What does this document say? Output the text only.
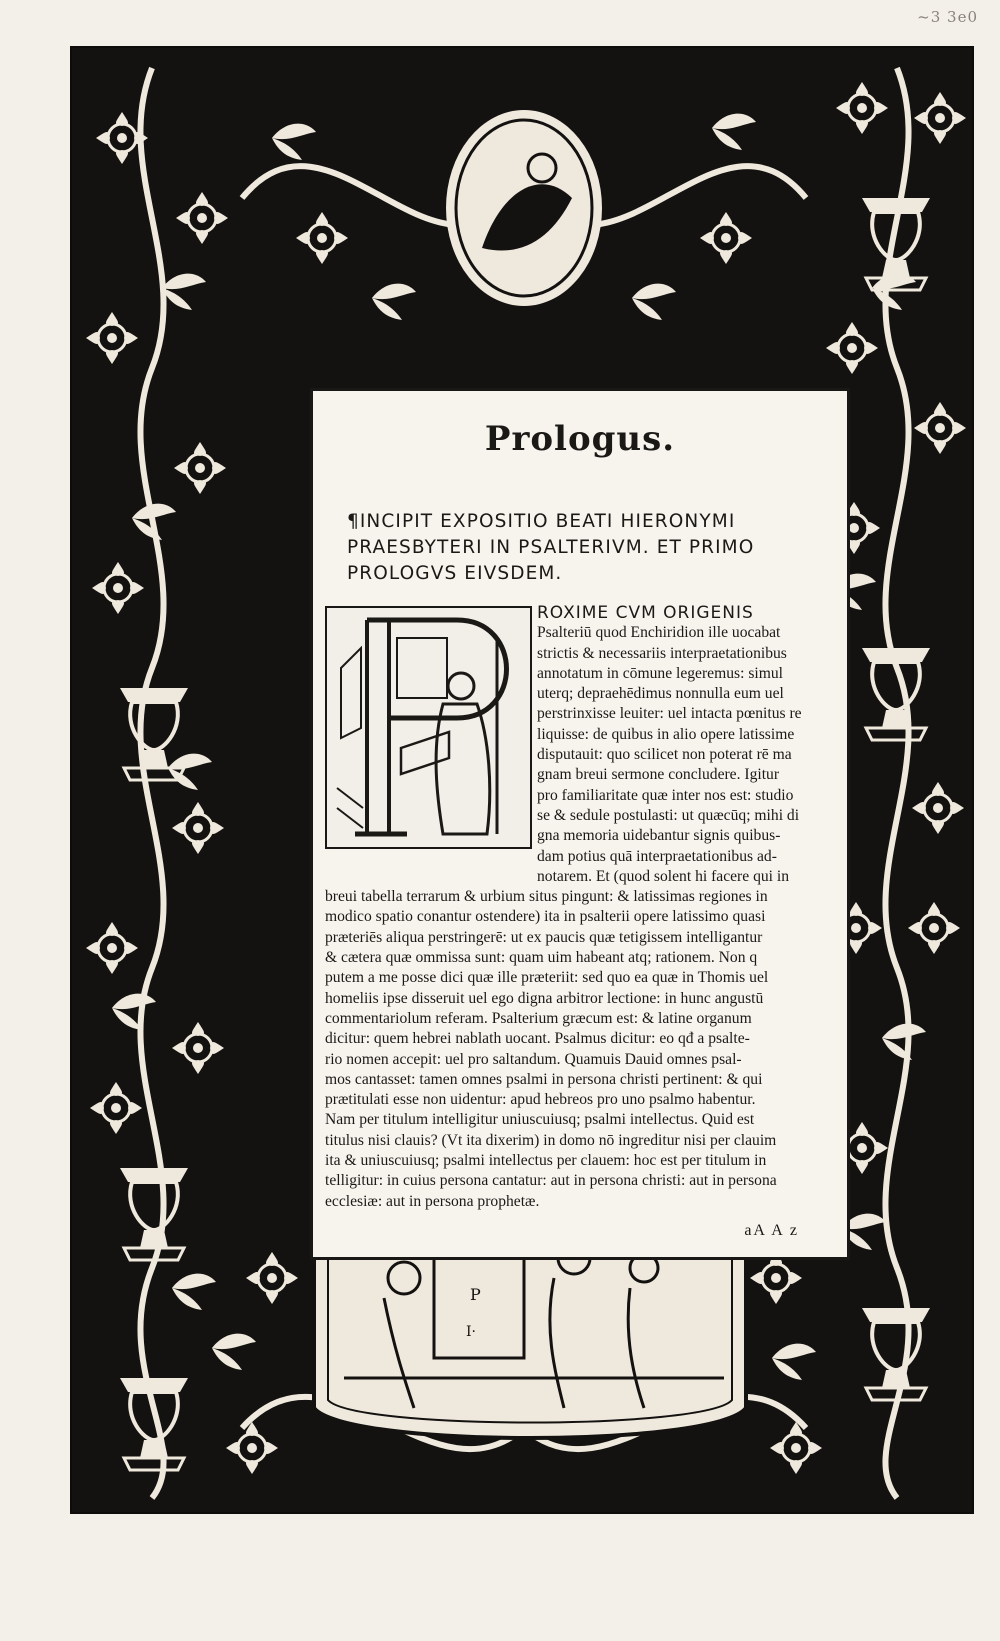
~3 3e0
P
I·
Prologus.
¶INCIPIT EXPOSITIO BEATI HIERONYMI
PRAESBYTERI IN PSALTERIVM. ET PRIMO
PROLOGVS EIVSDEM.
ROXIME CVM ORIGENIS
Psalteriū quod Enchiridion ille uocabat
strictis & necessariis interpraetationibus
annotatum in cōmune legeremus: simul
uterq; depraehēdimus nonnulla eum uel
perstrinxisse leuiter: uel intacta pœnitus re
liquisse: de quibus in alio opere latissime
disputauit: quo scilicet non poterat rē ma
gnam breui sermone concludere. Igitur
pro familiaritate quæ inter nos est: studio
se & sedule postulasti: ut quæcūq; mihi di
gna memoria uidebantur signis quibus-
dam potius quā interpraetationibus ad-
notarem. Et (quod solent hi facere qui in
breui tabella terrarum & urbium situs pingunt: & latissimas regiones in
modico spatio conantur ostendere) ita in psalterii opere latissimo quasi
præteriēs aliqua perstringerē: ut ex paucis quæ tetigissem intelligantur
& cætera quæ ommissa sunt: quam uim habeant atq; rationem. Non q
putem a me posse dici quæ ille præteriit: sed quo ea quæ in Thomis uel
homeliis ipse disseruit uel ego digna arbitror lectione: in hunc angustū
commentariolum referam. Psalterium græcum est: & latine organum
dicitur: quem hebrei nablath uocant. Psalmus dicitur: eo qđ a psalte-
rio nomen accepit: uel pro saltandum. Quamuis Dauid omnes psal-
mos cantasset: tamen omnes psalmi in persona christi pertinent: & qui
prætitulati esse non uidentur: apud hebreos pro uno psalmo habentur.
Nam per titulum intelligitur uniuscuiusq; psalmi intellectus. Quid est
titulus nisi clauis? (Vt ita dixerim) in domo nō ingreditur nisi per clauim
ita & uniuscuiusq; psalmi intellectus per clauem: hoc est per titulum in
telligitur: in cuius persona cantatur: aut in persona christi: aut in persona
ecclesiæ: aut in persona prophetæ.
aA A z
